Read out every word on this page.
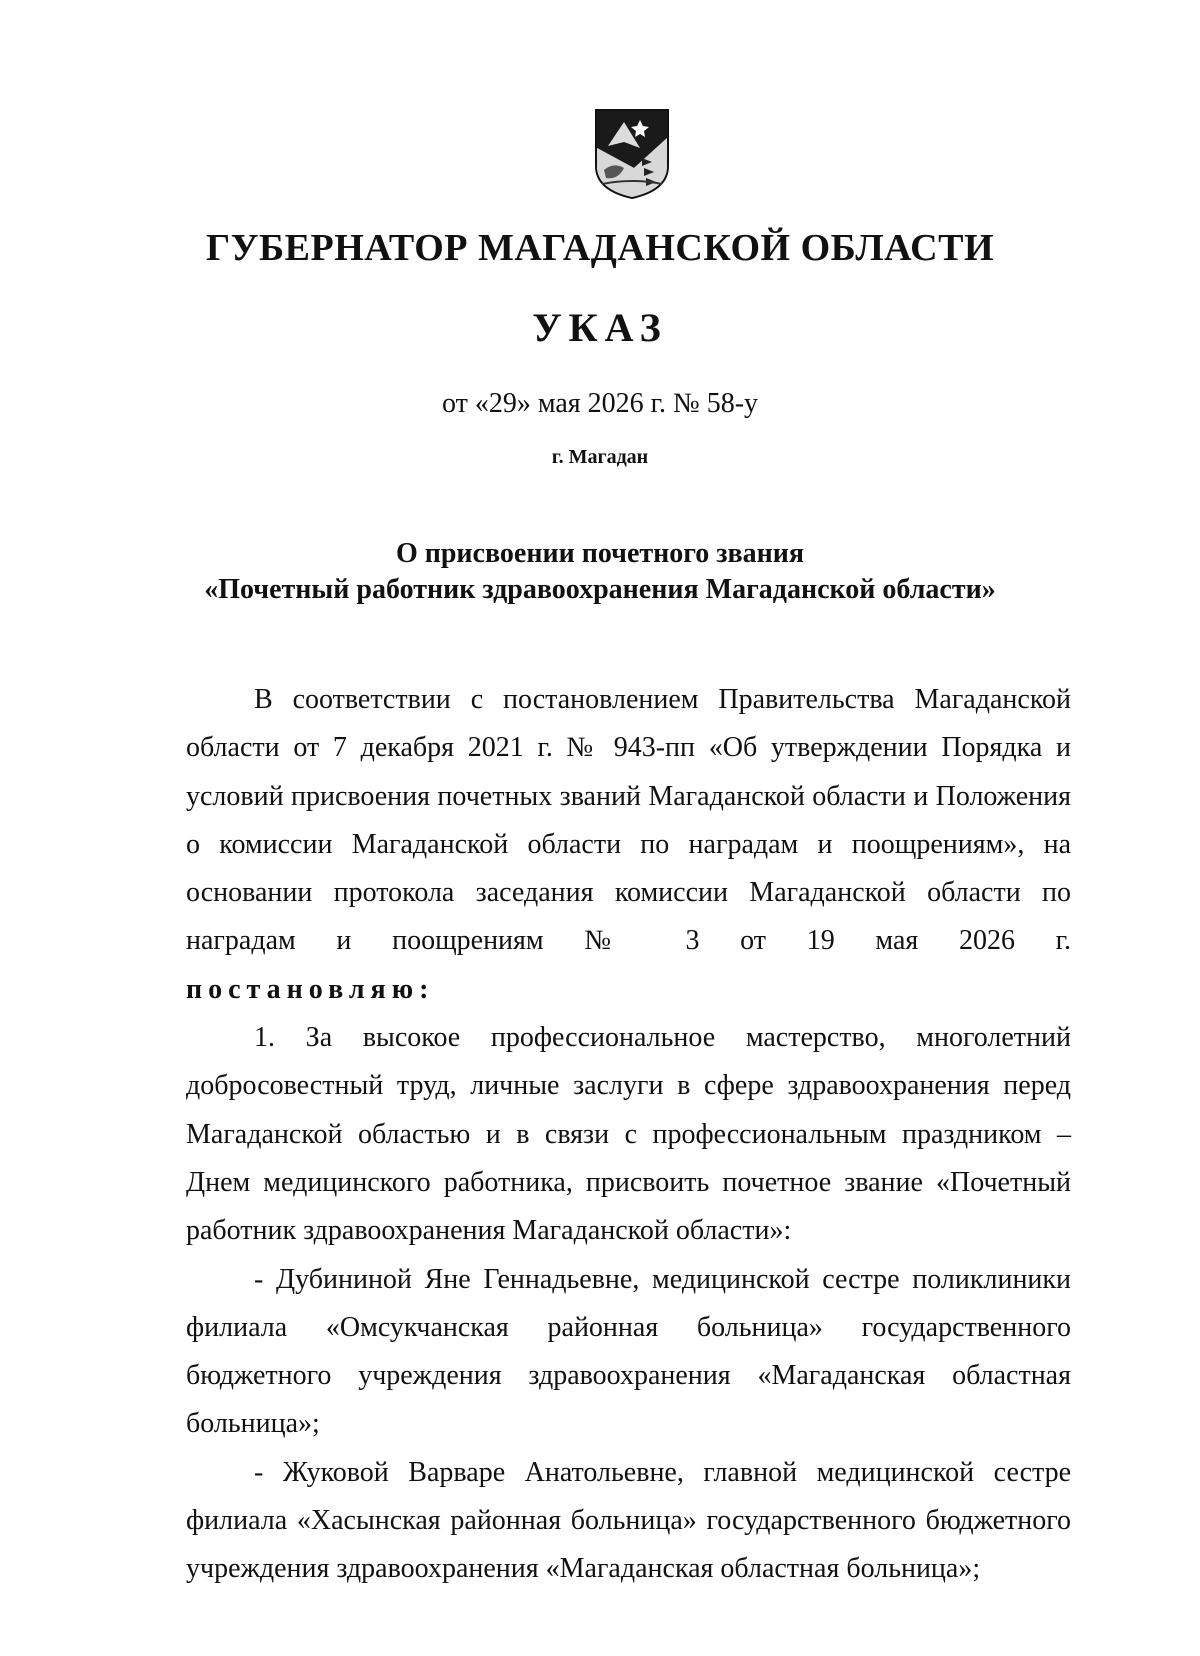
ГУБЕРНАТОР МАГАДАНСКОЙ ОБЛАСТИ
УКАЗ
от «29» мая 2026 г. № 58-у
г. Магадан
О присвоении почетного звания
«Почетный работник здравоохранения Магаданской области»

В соответствии с постановлением Правительства Магаданской области от 7 декабря 2021 г. № 943-пп «Об утверждении Порядка и условий присвоения почетных званий Магаданской области и Положения о комиссии Магаданской области по наградам и поощрениям», на основании протокола заседания комиссии Магаданской области по наградам и поощрениям № 3 от 19 мая 2026 г.

постановляю:

1. За высокое профессиональное мастерство, многолетний добросовестный труд, личные заслуги в сфере здравоохранения перед Магаданской областью и в связи с профессиональным праздником – Днем медицинского работника, присвоить почетное звание «Почетный работник здравоохранения Магаданской области»:

- Дубининой Яне Геннадьевне, медицинской сестре поликлиники филиала «Омсукчанская районная больница» государственного бюджетного учреждения здравоохранения «Магаданская областная больница»;

- Жуковой Варваре Анатольевне, главной медицинской сестре филиала «Хасынская районная больница» государственного бюджетного учреждения здравоохранения «Магаданская областная больница»;
